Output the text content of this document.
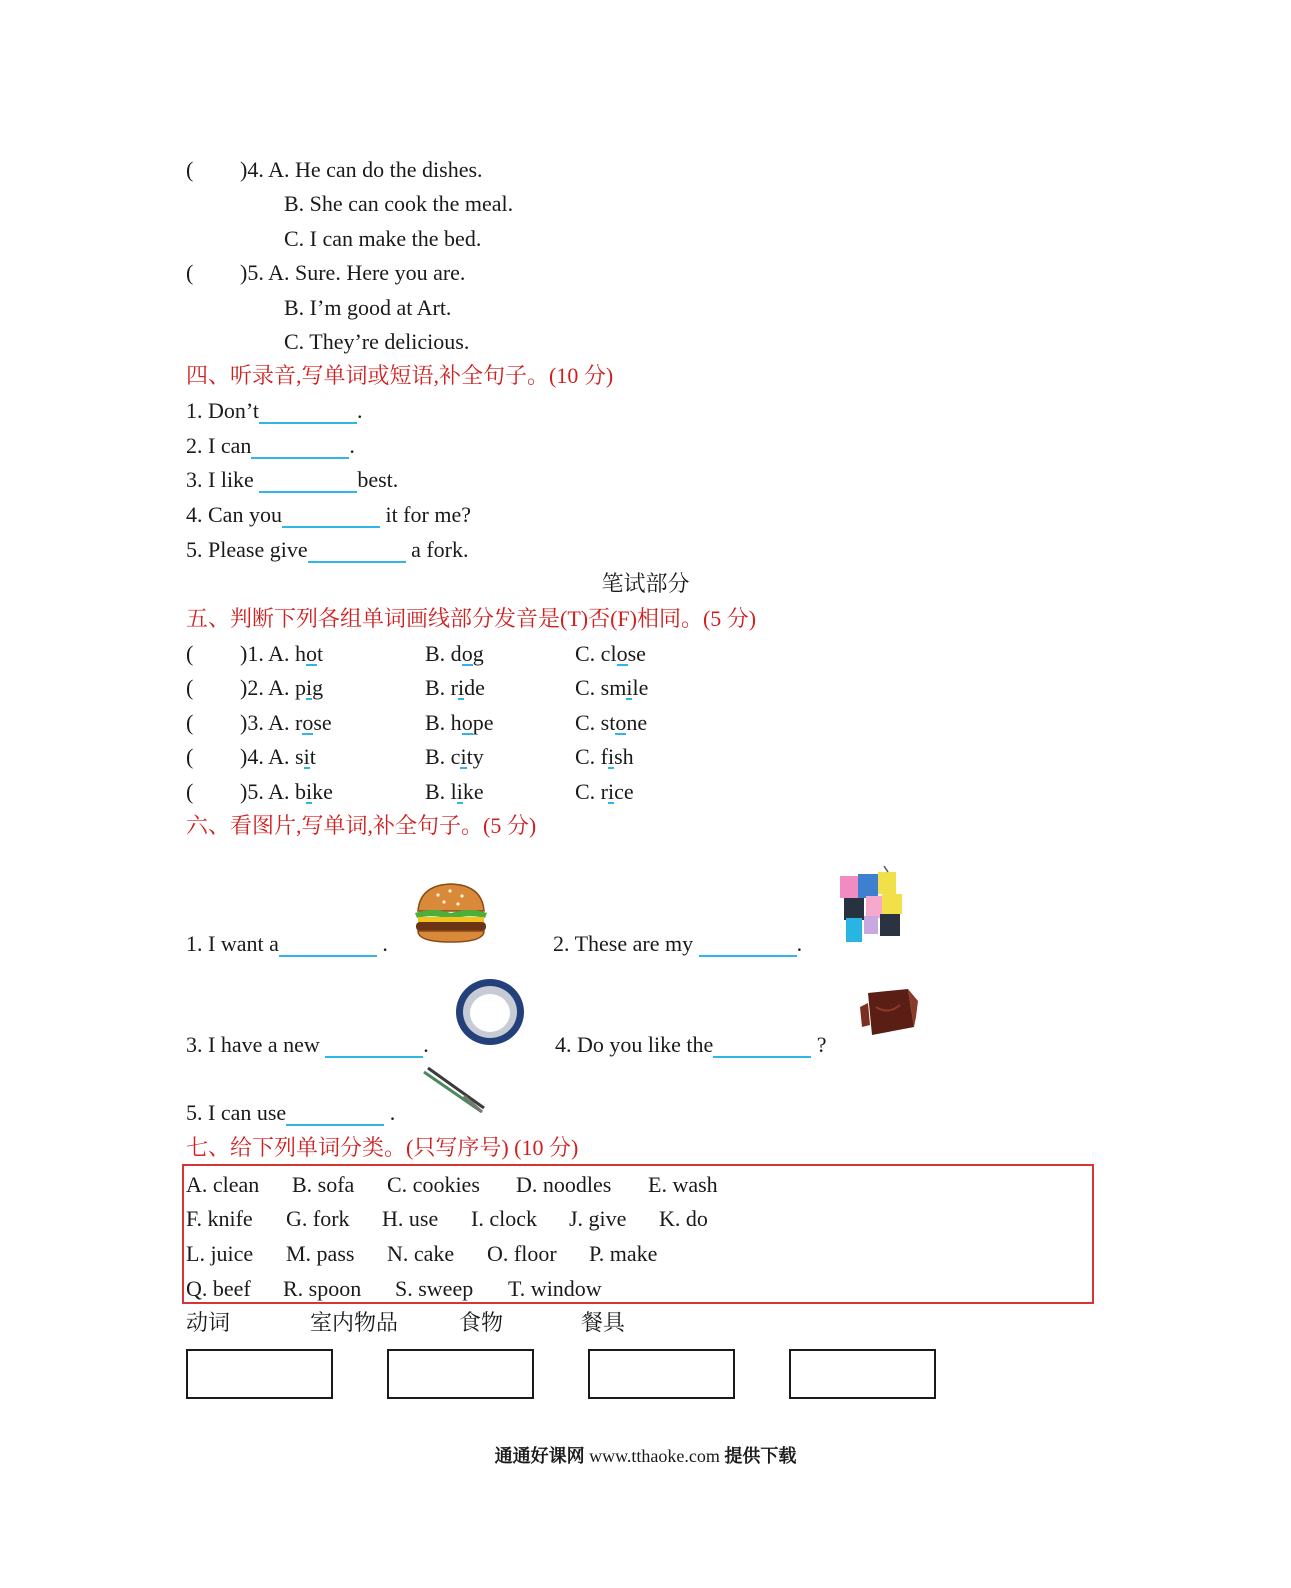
( )4. A. He can do the dishes.
B. She can cook the meal.
C. I can make the bed.
( )5. A. Sure. Here you are.
B. I’m good at Art.
C. They’re delicious.
四、听录音,写单词或短语,补全句子。(10 分)
1. Don’t	.
2. I can	.
3. I like	best.
4. Can you	it for me?
5. Please give	a fork.
笔试部分
五、判断下列各组单词画线部分发音是(T)否(F)相同。(5 分)
( )1. A. hot	B. dog	C. close
( )2. A. pig	B. ride	C. smile
( )3. A. rose	B. hope	C. stone
( )4. A. sit	B. city	C. fish
( )5. A. bike	B. like	C. rice
六、看图片,写单词,补全句子。(5 分)
1. I want a	.	2. These are my	.
3. I have a new	.	4. Do you like the	?
5. I can use	.
七、给下列单词分类。(只写序号) (10 分)
A. clean B. sofa C. cookies D. noodles E. wash
F. knife G. fork H. use I. clock J. give K. do
L. juice M. pass N. cake O. floor P. make
Q. beef R. spoon S. sweep T. window
动词	室内物品	食物	餐具
通通好课网 www.tthaoke.com 提供下载
